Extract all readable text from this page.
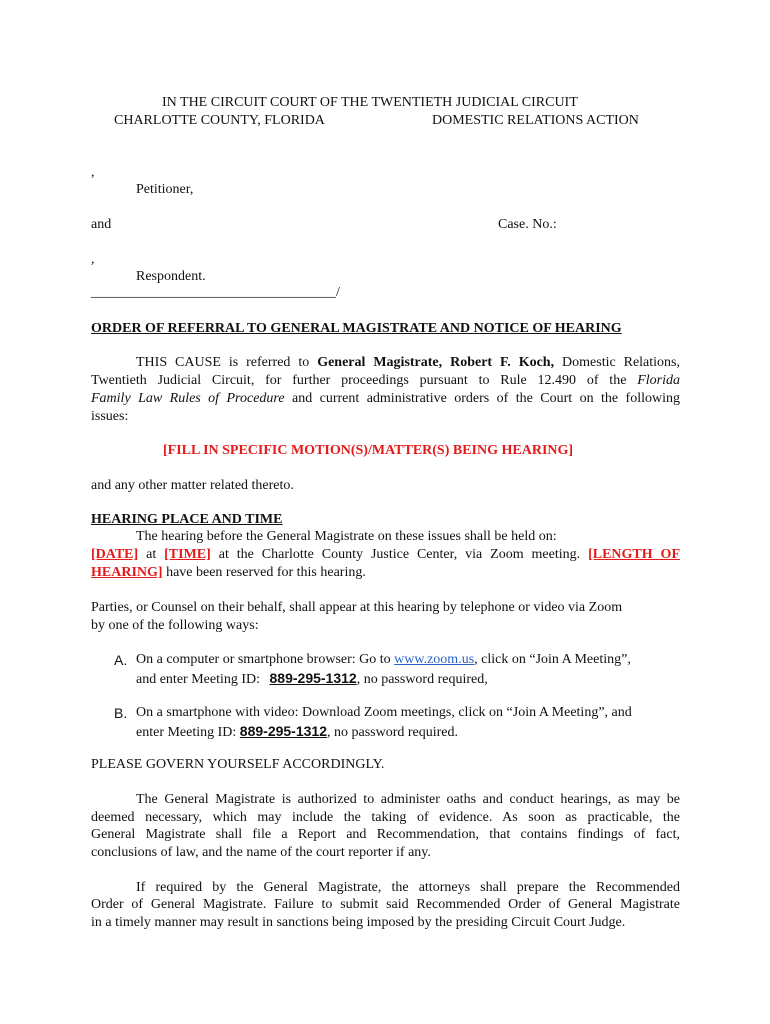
IN THE CIRCUIT COURT OF THE TWENTIETH JUDICIAL CIRCUIT
CHARLOTTE COUNTY, FLORIDA	DOMESTIC RELATIONS ACTION
,
Petitioner,
and	Case. No.:
,
Respondent.
___________________________________/
ORDER OF REFERRAL TO GENERAL MAGISTRATE AND NOTICE OF HEARING
THIS CAUSE is referred to General Magistrate, Robert F. Koch, Domestic Relations,
Twentieth Judicial Circuit, for further proceedings pursuant to Rule 12.490 of the Florida
Family Law Rules of Procedure and current administrative orders of the Court on the following
issues:
[FILL IN SPECIFIC MOTION(S)/MATTER(S) BEING HEARING]
and any other matter related thereto.
HEARING PLACE AND TIME
The hearing before the General Magistrate on these issues shall be held on:
[DATE] at [TIME] at the Charlotte County Justice Center, via Zoom meeting. [LENGTH OF
HEARING] have been reserved for this hearing.
Parties, or Counsel on their behalf, shall appear at this hearing by telephone or video via Zoom
by one of the following ways:
A. On a computer or smartphone browser: Go to www.zoom.us, click on “Join A Meeting”,
and enter Meeting ID: 889-295-1312, no password required,
B. On a smartphone with video: Download Zoom meetings, click on “Join A Meeting”, and
enter Meeting ID: 889-295-1312, no password required.
PLEASE GOVERN YOURSELF ACCORDINGLY.
The General Magistrate is authorized to administer oaths and conduct hearings, as may be
deemed necessary, which may include the taking of evidence. As soon as practicable, the
General Magistrate shall file a Report and Recommendation, that contains findings of fact,
conclusions of law, and the name of the court reporter if any.
If required by the General Magistrate, the attorneys shall prepare the Recommended
Order of General Magistrate. Failure to submit said Recommended Order of General Magistrate
in a timely manner may result in sanctions being imposed by the presiding Circuit Court Judge.
